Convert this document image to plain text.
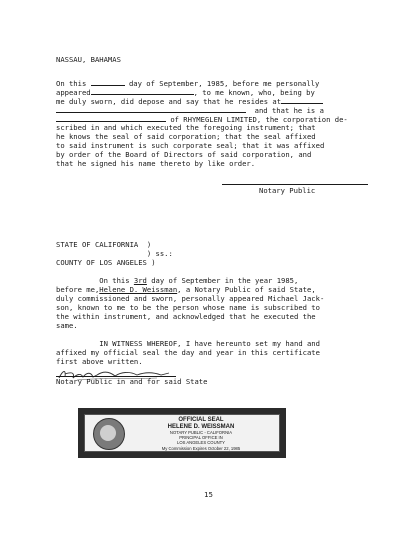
NASSAU, BAHAMAS

On this	day of September, 1985, before me personally

appeared	, to me known, who, being by

me duly sworn, did depose and say that he resides at

and that he is a

of RHYMEGLEN LIMITED, the corporation de-

scribed in and which executed the foregoing instrument; that

he knows the seal of said corporation; that the seal affixed

to said instrument is such corporate seal; that it was affixed

by order of the Board of Directors of said corporation, and

that he signed his name thereto by like order.

Notary Public

STATE OF CALIFORNIA  )

) ss.:

COUNTY OF LOS ANGELES )

On this 3rd day of September in the year 1985,

before me,Helene D. Weissman, a Notary Public of said State,

duly commissioned and sworn, personally appeared Michael Jack-

son, known to me to be the person whose name is subscribed to

the within instrument, and acknowledged that he executed the

same.

IN WITNESS WHEREOF, I have hereunto set my hand and

affixed my official seal the day and year in this certificate

first above written.

Notary Public in and for said State

OFFICIAL SEAL
HELENE D. WEISSMAN
NOTARY PUBLIC - CALIFORNIA
PRINCIPAL OFFICE IN
LOS ANGELES COUNTY
My Commission Expires October 22, 1985

15
